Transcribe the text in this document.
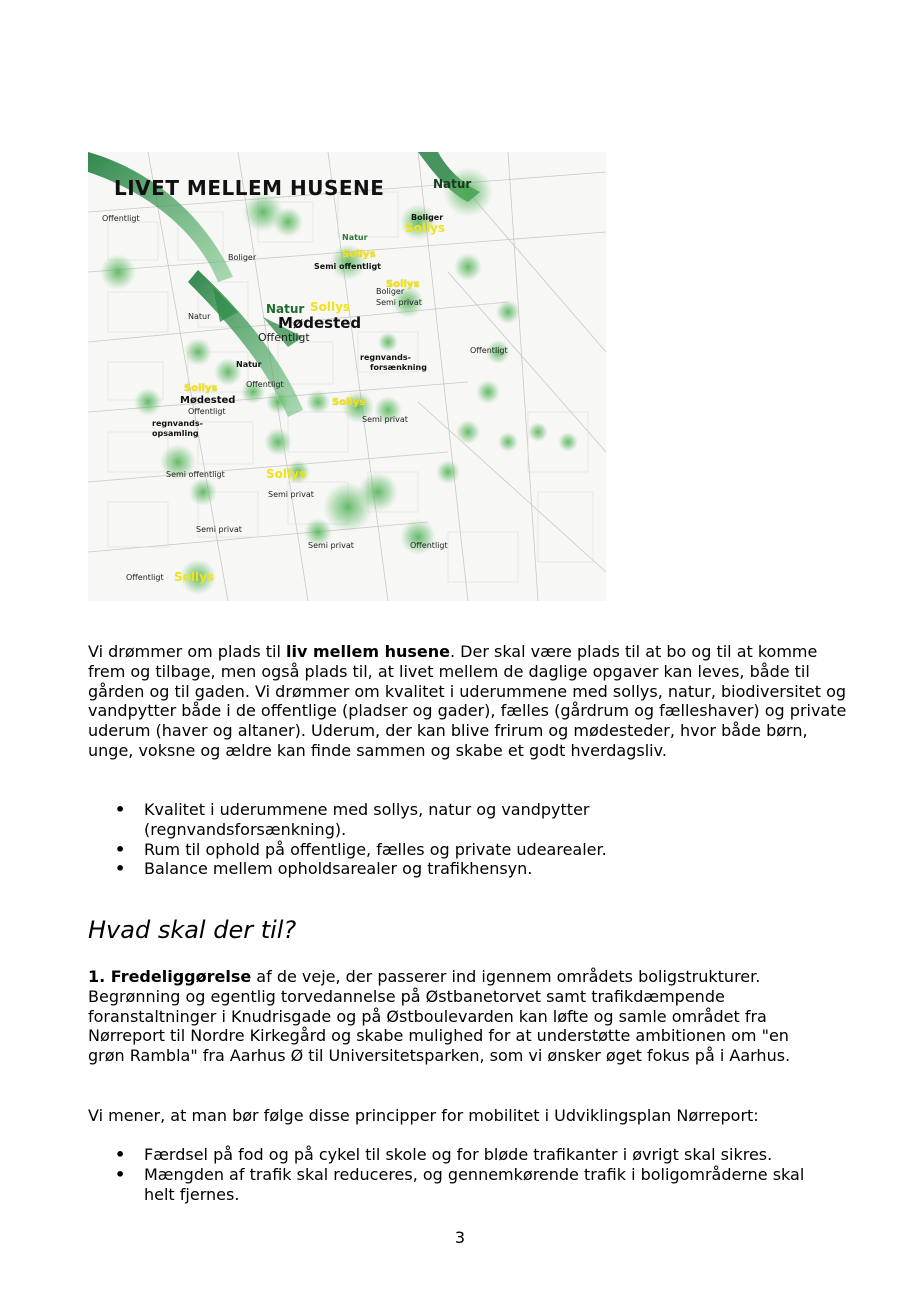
LIVET MELLEM HUSENE	Natur
Offentligt	Boliger
Sollys
Boliger
Natur
Sollys
Semi offentligt
Sollys
Boliger
Semi privat
Natur Sollys
Mødested
Offentligt
Natur
regnvands-
forsænkning
Offentligt
Natur
Offentligt
Sollys
Mødested
Offentligt
Sollys
Semi privat
regnvands-
opsamling
Semi offentligt	Sollys
Semi privat
Semi privat
Semi privat	Offentligt
Offentligt Sollys

Vi drømmer om plads til liv mellem husene. Der skal være plads til at bo og til at komme frem og tilbage, men også plads til, at livet mellem de daglige opgaver kan leves, både til gården og til gaden. Vi drømmer om kvalitet i uderummene med sollys, natur, biodiversitet og vandpytter både i de offentlige (pladser og gader), fælles (gårdrum og fælleshaver) og private uderum (haver og altaner). Uderum, der kan blive frirum og mødesteder, hvor både børn, unge, voksne og ældre kan finde sammen og skabe et godt hverdagsliv.

• Kvalitet i uderummene med sollys, natur og vandpytter (regnvandsforsænkning).
• Rum til ophold på offentlige, fælles og private udearealer.
• Balance mellem opholdsarealer og trafikhensyn.
Hvad skal der til?

1. Fredeliggørelse af de veje, der passerer ind igennem områdets boligstrukturer. Begrønning og egentlig torvedannelse på Østbanetorvet samt trafikdæmpende foranstaltninger i Knudrisgade og på Østboulevarden kan løfte og samle området fra Nørreport til Nordre Kirkegård og skabe mulighed for at understøtte ambitionen om "en grøn Rambla" fra Aarhus Ø til Universitetsparken, som vi ønsker øget fokus på i Aarhus.

Vi mener, at man bør følge disse principper for mobilitet i Udviklingsplan Nørreport:

• Færdsel på fod og på cykel til skole og for bløde trafikanter i øvrigt skal sikres.
• Mængden af trafik skal reduceres, og gennemkørende trafik i boligområderne skal helt fjernes.
3
